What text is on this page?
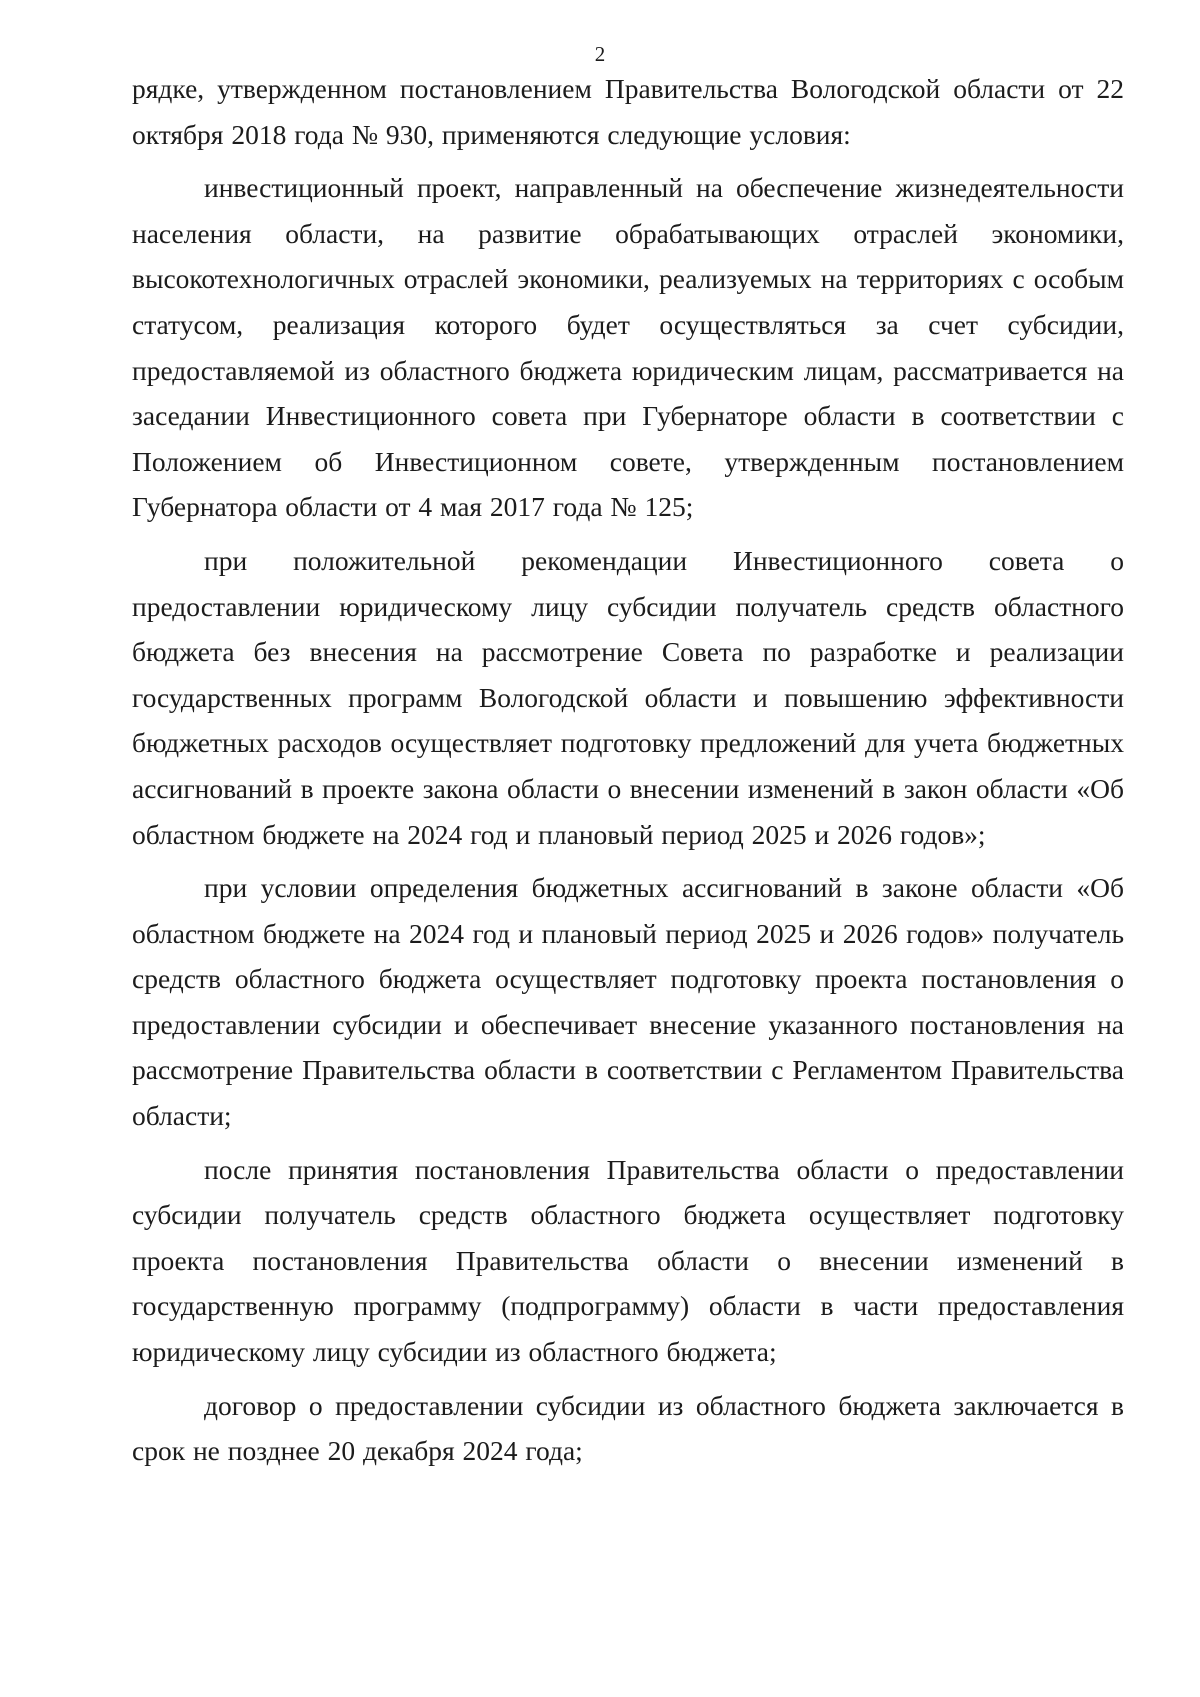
2

рядке, утвержденном постановлением Правительства Вологодской области от 22 октября 2018 года № 930, применяются следующие условия:

инвестиционный проект, направленный на обеспечение жизнедеятельности населения области, на развитие обрабатывающих отраслей экономики, высокотехнологичных отраслей экономики, реализуемых на территориях с особым статусом, реализация которого будет осуществляться за счет субсидии, предоставляемой из областного бюджета юридическим лицам, рассматривается на заседании Инвестиционного совета при Губернаторе области в соответствии с Положением об Инвестиционном совете, утвержденным постановлением Губернатора области от 4 мая 2017 года № 125;

при положительной рекомендации Инвестиционного совета о предоставлении юридическому лицу субсидии получатель средств областного бюджета без внесения на рассмотрение Совета по разработке и реализации государственных программ Вологодской области и повышению эффективности бюджетных расходов осуществляет подготовку предложений для учета бюджетных ассигнований в проекте закона области о внесении изменений в закон области «Об областном бюджете на 2024 год и плановый период 2025 и 2026 годов»;

при условии определения бюджетных ассигнований в законе области «Об областном бюджете на 2024 год и плановый период 2025 и 2026 годов» получатель средств областного бюджета осуществляет подготовку проекта постановления о предоставлении субсидии и обеспечивает внесение указанного постановления на рассмотрение Правительства области в соответствии с Регламентом Правительства области;

после принятия постановления Правительства области о предоставлении субсидии получатель средств областного бюджета осуществляет подготовку проекта постановления Правительства области о внесении изменений в государственную программу (подпрограмму) области в части предоставления юридическому лицу субсидии из областного бюджета;

договор о предоставлении субсидии из областного бюджета заключается в срок не позднее 20 декабря 2024 года;
